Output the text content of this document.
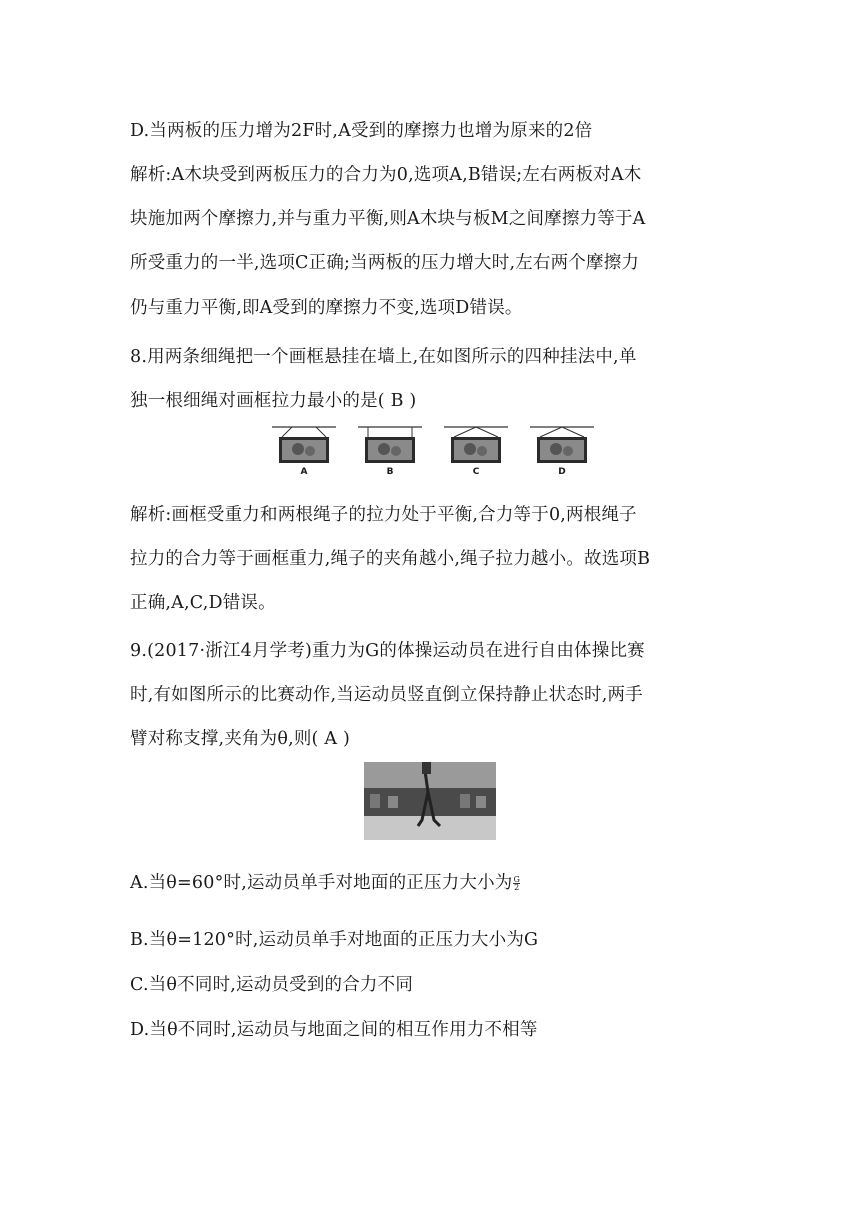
D.当两板的压力增为2F时,A受到的摩擦力也增为原来的2倍
解析:A木块受到两板压力的合力为0,选项A,B错误;左右两板对A木
块施加两个摩擦力,并与重力平衡,则A木块与板M之间摩擦力等于A
所受重力的一半,选项C正确;当两板的压力增大时,左右两个摩擦力
仍与重力平衡,即A受到的摩擦力不变,选项D错误。
8.用两条细绳把一个画框悬挂在墙上,在如图所示的四种挂法中,单
独一根细绳对画框拉力最小的是( B )
A	B	C	D
解析:画框受重力和两根绳子的拉力处于平衡,合力等于0,两根绳子
拉力的合力等于画框重力,绳子的夹角越小,绳子拉力越小。故选项B
正确,A,C,D错误。
9.(2017·浙江4月学考)重力为G的体操运动员在进行自由体操比赛
时,有如图所示的比赛动作,当运动员竖直倒立保持静止状态时,两手
臂对称支撑,夹角为θ,则( A )
A.当θ=60°时,运动员单手对地面的正压力大小为 $\frac{G}{2}$
B.当θ=120°时,运动员单手对地面的正压力大小为G
C.当θ不同时,运动员受到的合力不同
D.当θ不同时,运动员与地面之间的相互作用力不相等
